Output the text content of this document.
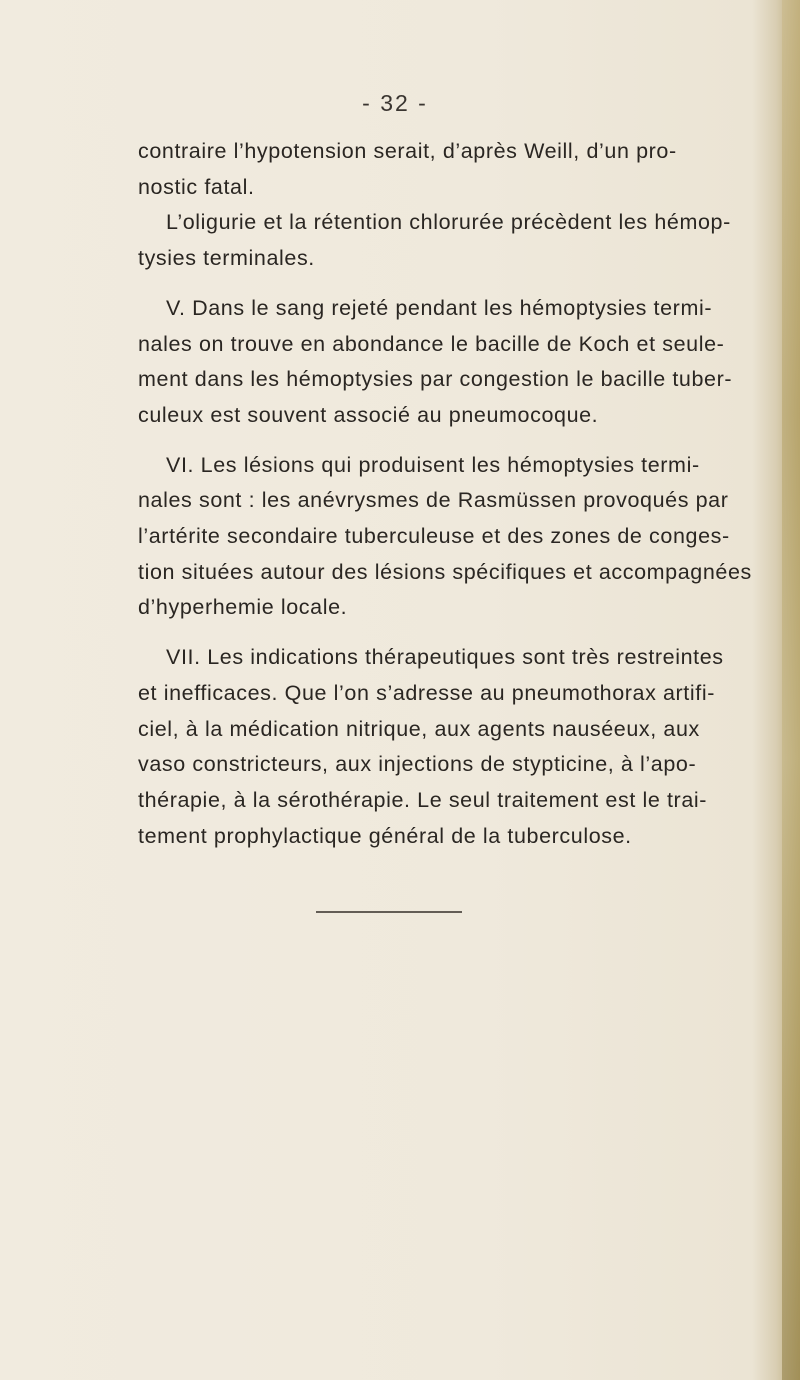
- 32 -
contraire l’hypotension serait, d’après Weill, d’un pro-
nostic fatal.
L’oligurie et la rétention chlorurée précèdent les hémop-
tysies terminales.
V. Dans le sang rejeté pendant les hémoptysies termi-
nales on trouve en abondance le bacille de Koch et seule-
ment dans les hémoptysies par congestion le bacille tuber-
culeux est souvent associé au pneumocoque.
VI. Les lésions qui produisent les hémoptysies termi-
nales sont : les anévrysmes de Rasmüssen provoqués par
l’artérite secondaire tuberculeuse et des zones de conges-
tion situées autour des lésions spécifiques et accompagnées
d’hyperhemie locale.
VII. Les indications thérapeutiques sont très restreintes
et inefficaces. Que l’on s’adresse au pneumothorax artifi-
ciel, à la médication nitrique, aux agents nauséeux, aux
vaso constricteurs, aux injections de stypticine, à l’apo-
thérapie, à la sérothérapie. Le seul traitement est le trai-
tement prophylactique général de la tuberculose.
